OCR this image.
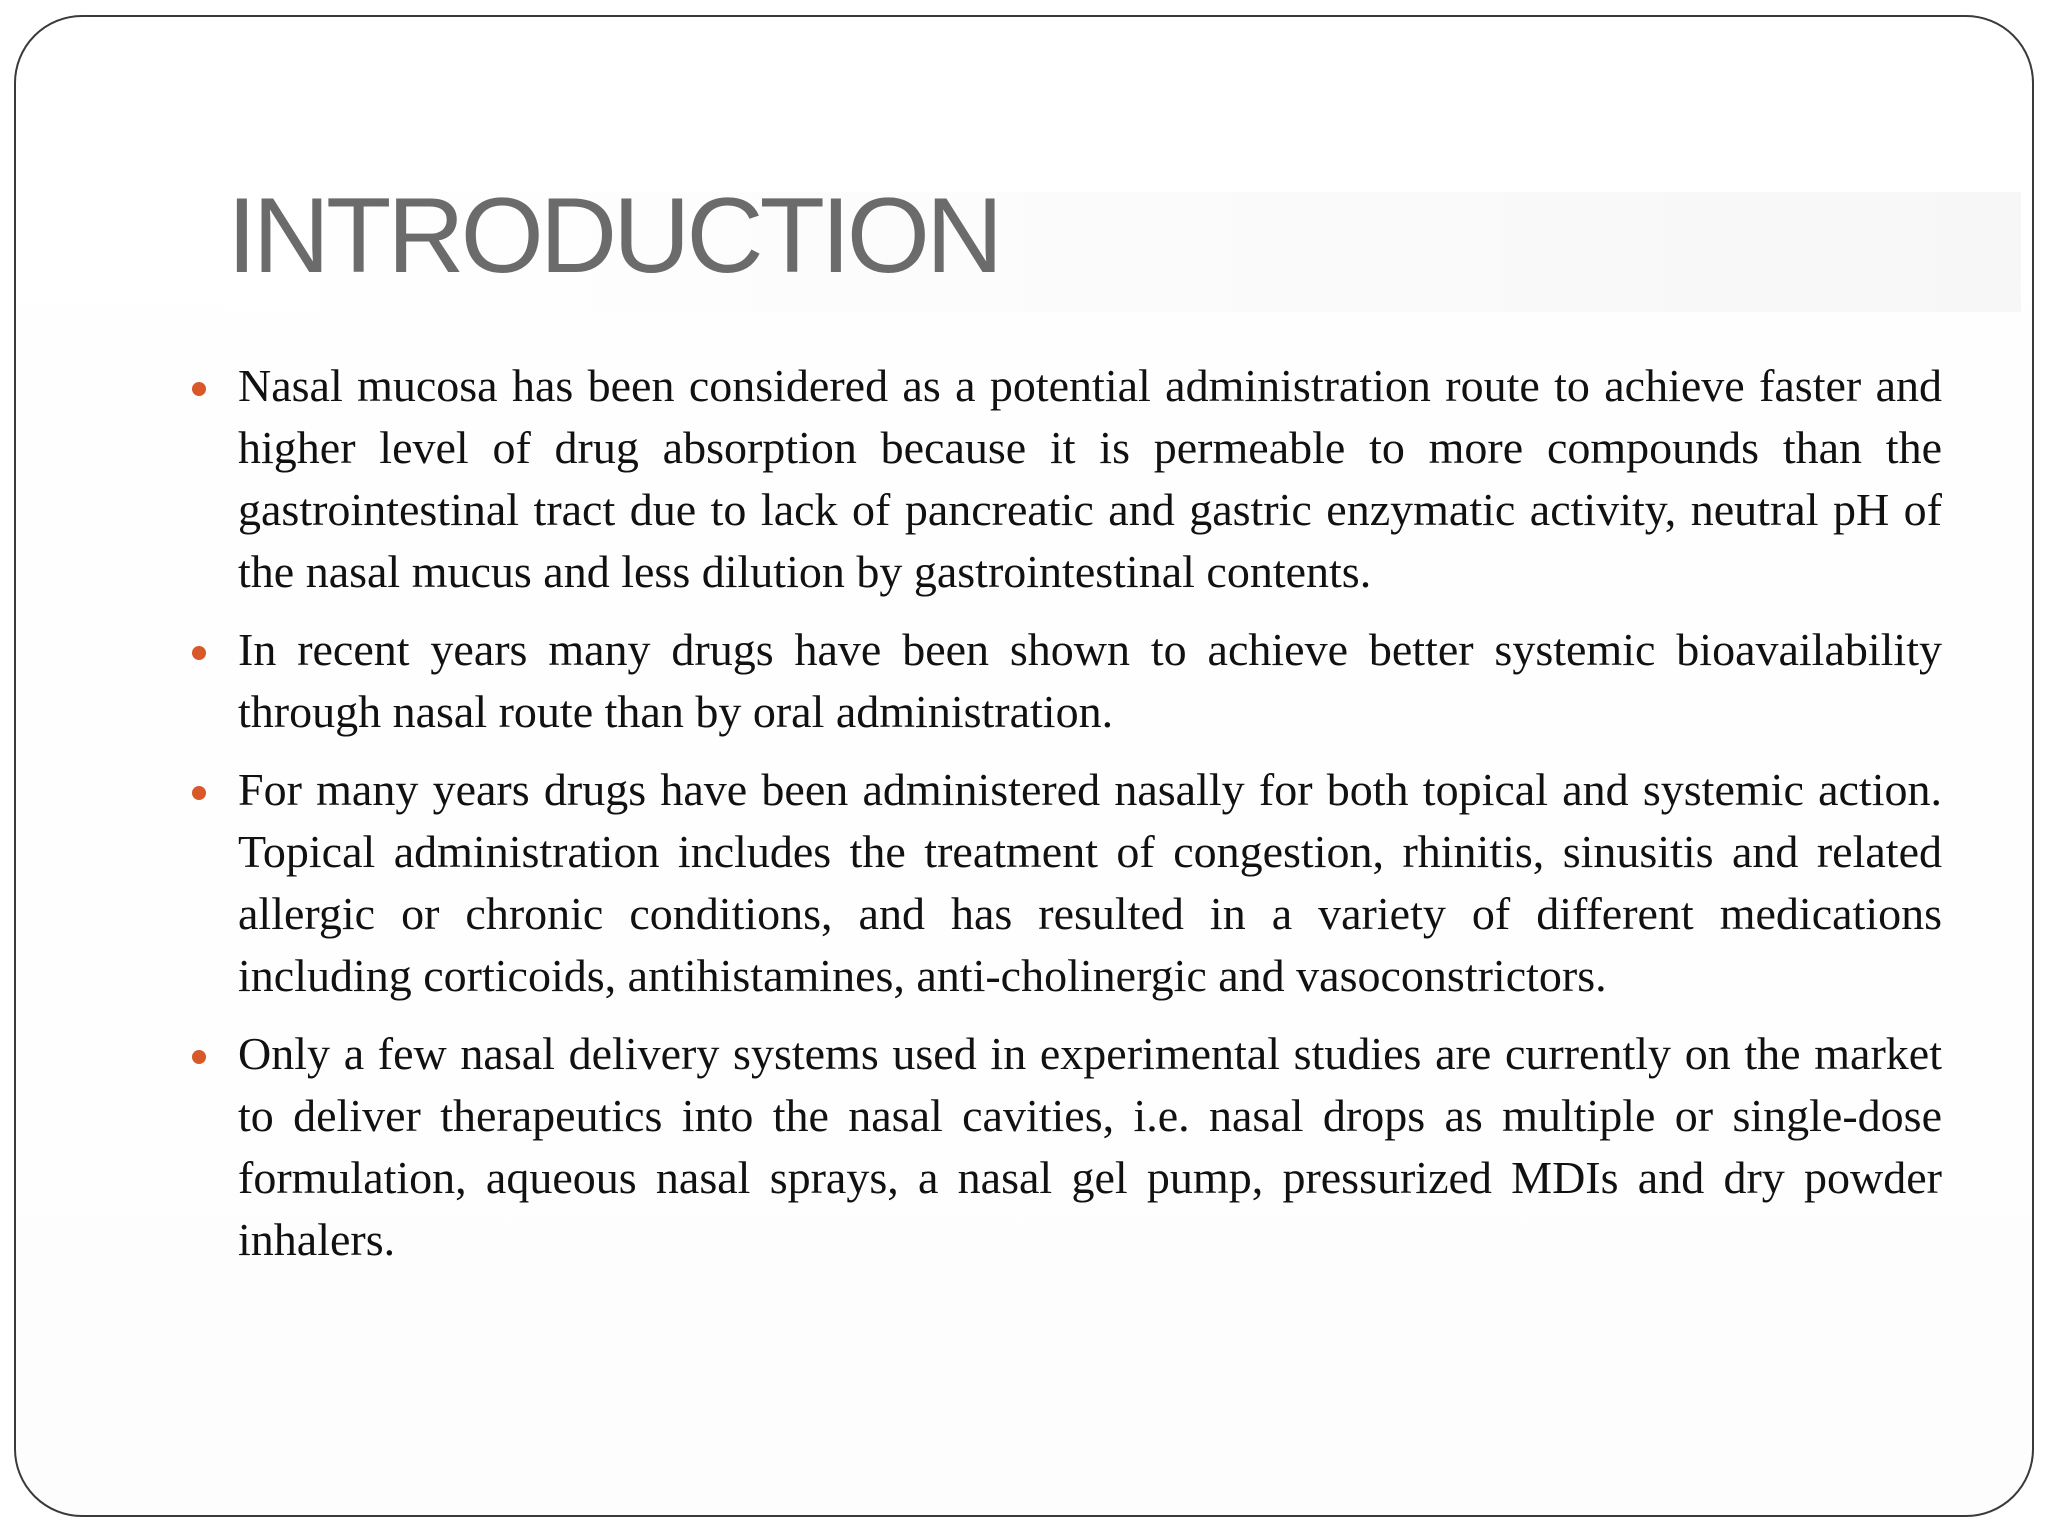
INTRODUCTION
Nasal mucosa has been considered as a potential administration route to achieve faster and higher level of drug absorption because it is permeable to more compounds than the gastrointestinal tract due to lack of pancreatic and gastric enzymatic activity, neutral pH of the nasal mucus and less dilution by gastrointestinal contents.
In recent years many drugs have been shown to achieve better systemic bioavailability through nasal route than by oral administration.
For many years drugs have been administered nasally for both topical and systemic action. Topical administration includes the treatment of congestion, rhinitis, sinusitis and related allergic or chronic conditions, and has resulted in a variety of different medications including corticoids, antihistamines, anti-cholinergic and vasoconstrictors.
Only a few nasal delivery systems used in experimental studies are currently on the market to deliver therapeutics into the nasal cavities, i.e. nasal drops as multiple or single-dose formulation, aqueous nasal sprays, a nasal gel pump, pressurized MDIs and dry powder inhalers.
